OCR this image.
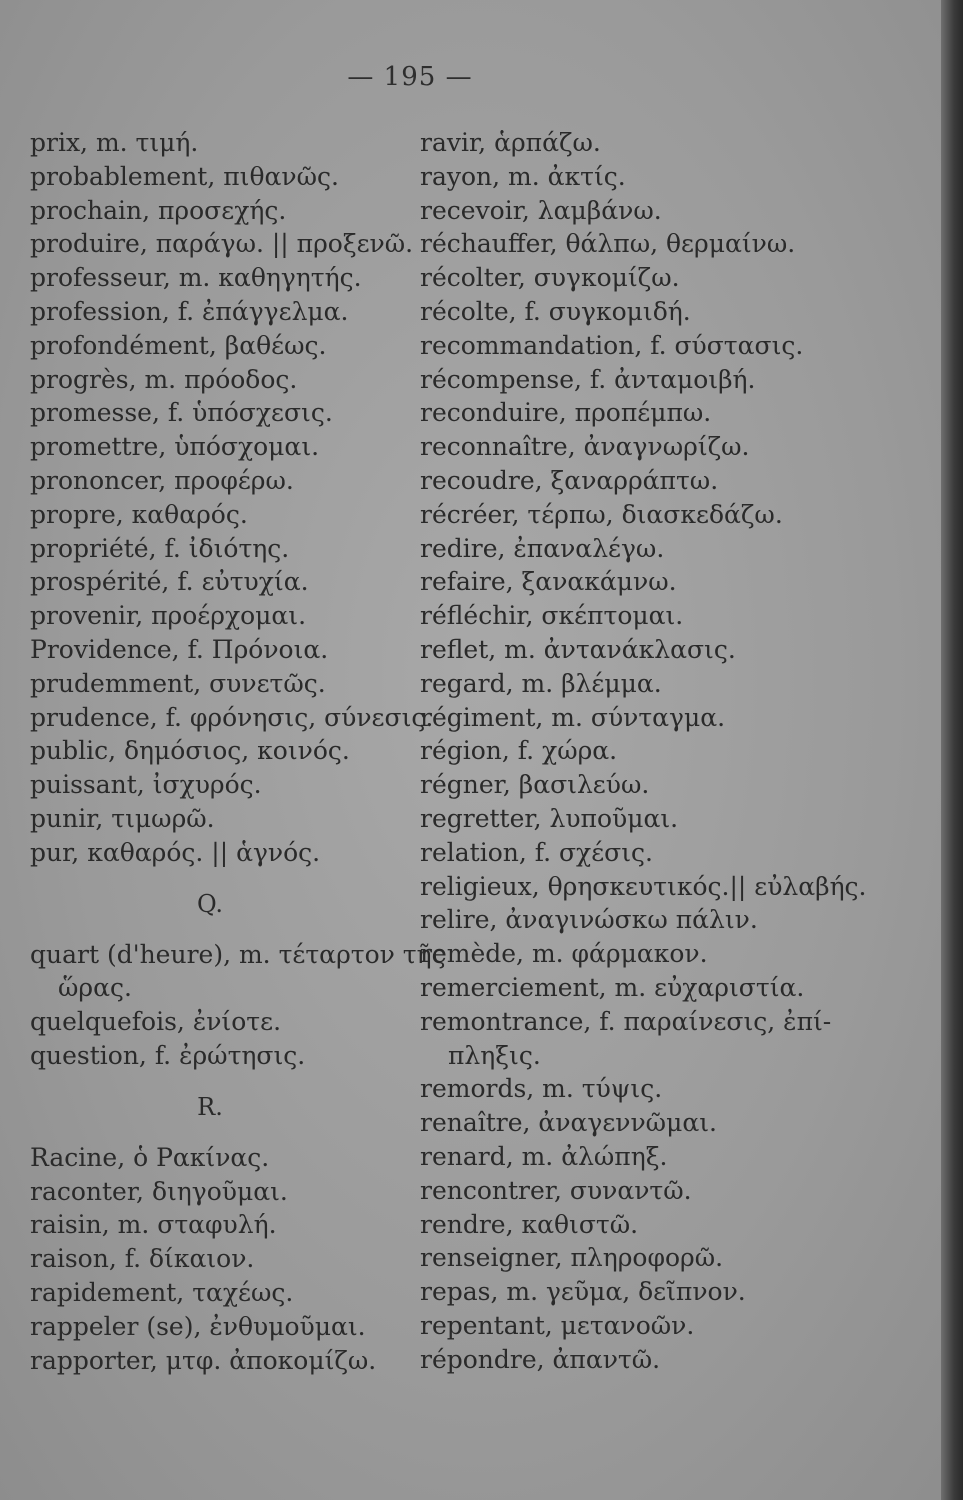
— 195 —
prix, m. τιμή.
probablement, πιθανῶς.
prochain, προσεχής.
produire, παράγω. || προξενῶ.
professeur, m. καθηγητής.
profession, f. ἐπάγγελμα.
profondément, βαθέως.
progrès, m. πρόοδος.
promesse, f. ὑπόσχεσις.
promettre, ὑπόσχομαι.
prononcer, προφέρω.
propre, καθαρός.
propriété, f. ἰδιότης.
prospérité, f. εὐτυχία.
provenir, προέρχομαι.
Providence, f. Πρόνοια.
prudemment, συνετῶς.
prudence, f. φρόνησις, σύνεσις.
public, δημόσιος, κοινός.
puissant, ἰσχυρός.
punir, τιμωρῶ.
pur, καθαρός. || ἁγνός.
Q.
quart (d'heure), m. τέταρτον τῆς
ὥρας.
quelquefois, ἐνίοτε.
question, f. ἐρώτησις.
R.
Racine, ὁ Ρακίνας.
raconter, διηγοῦμαι.
raisin, m. σταφυλή.
raison, f. δίκαιον.
rapidement, ταχέως.
rappeler (se), ἐνθυμοῦμαι.
rapporter, μτφ. ἀποκομίζω.
ravir, ἁρπάζω.
rayon, m. ἀκτίς.
recevoir, λαμβάνω.
réchauffer, θάλπω, θερμαίνω.
récolter, συγκομίζω.
récolte, f. συγκομιδή.
recommandation, f. σύστασις.
récompense, f. ἀνταμοιβή.
reconduire, προπέμπω.
reconnaître, ἀναγνωρίζω.
recoudre, ξαναρράπτω.
récréer, τέρπω, διασκεδάζω.
redire, ἐπαναλέγω.
refaire, ξανακάμνω.
réfléchir, σκέπτομαι.
reflet, m. ἀντανάκλασις.
regard, m. βλέμμα.
régiment, m. σύνταγμα.
région, f. χώρα.
régner, βασιλεύω.
regretter, λυποῦμαι.
relation, f. σχέσις.
religieux, θρησκευτικός.|| εὐλαβής.
relire, ἀναγινώσκω πάλιν.
remède, m. φάρμακον.
remerciement, m. εὐχαριστία.
remontrance, f. παραίνεσις, ἐπί-
πληξις.
remords, m. τύψις.
renaître, ἀναγεννῶμαι.
renard, m. ἀλώπηξ.
rencontrer, συναντῶ.
rendre, καθιστῶ.
renseigner, πληροφορῶ.
repas, m. γεῦμα, δεῖπνον.
repentant, μετανοῶν.
répondre, ἀπαντῶ.
